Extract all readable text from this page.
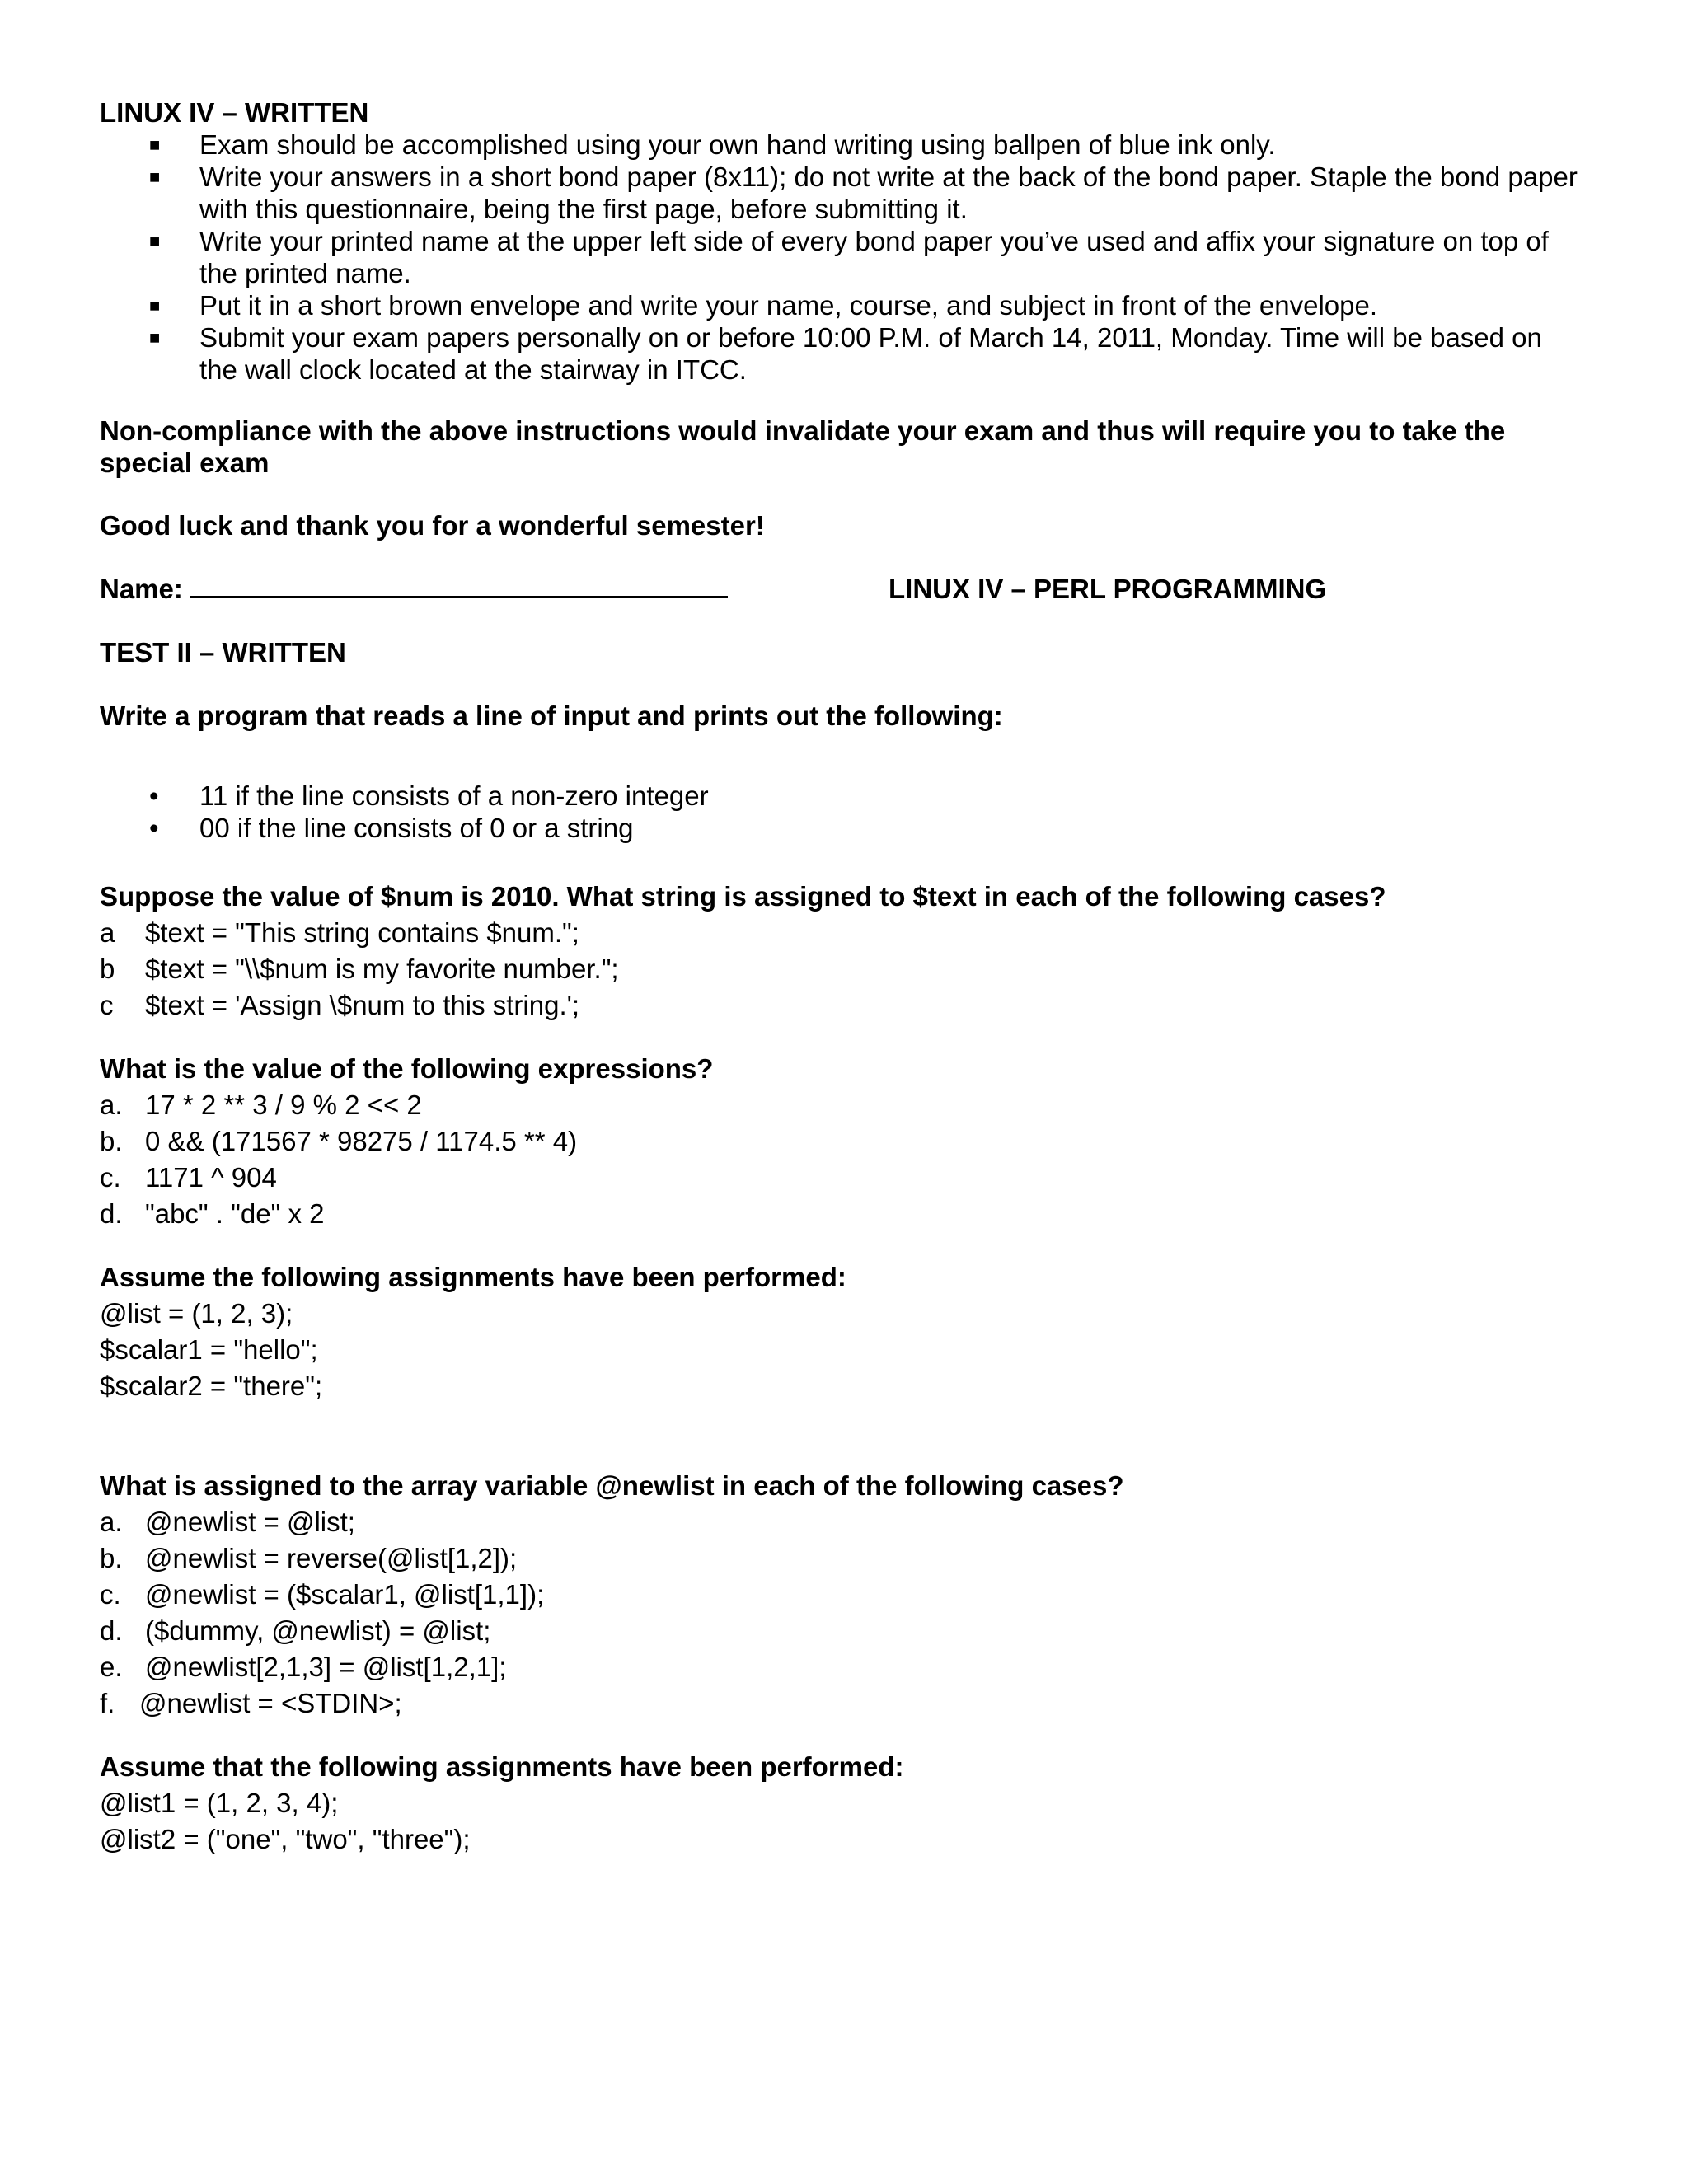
LINUX IV – WRITTEN
■ Exam should be accomplished using your own hand writing using ballpen of blue ink only.
■ Write your answers in a short bond paper (8x11); do not write at the back of the bond paper. Staple the bond paper with this questionnaire, being the first page, before submitting it.
■ Write your printed name at the upper left side of every bond paper you’ve used and affix your signature on top of the printed name.
■ Put it in a short brown envelope and write your name, course, and subject in front of the envelope.
■ Submit your exam papers personally on or before 10:00 P.M. of March 14, 2011, Monday. Time will be based on the wall clock located at the stairway in ITCC.
Non-compliance with the above instructions would invalidate your exam and thus will require you to take the special exam
Good luck and thank you for a wonderful semester!
Name:	LINUX IV – PERL PROGRAMMING
TEST II – WRITTEN
Write a program that reads a line of input and prints out the following:
• 11 if the line consists of a non-zero integer
• 00 if the line consists of 0 or a string
Suppose the value of $num is 2010. What string is assigned to $text in each of the following cases?
a $text = "This string contains $num.";
b $text = "\\$num is my favorite number.";
c $text = 'Assign \$num to this string.';
What is the value of the following expressions?
a. 17 * 2 ** 3 / 9 % 2 << 2
b. 0 && (171567 * 98275 / 1174.5 ** 4)
c. 1171 ^ 904
d. "abc" . "de" x 2
Assume the following assignments have been performed:
@list = (1, 2, 3);
$scalar1 = "hello";
$scalar2 = "there";
What is assigned to the array variable @newlist in each of the following cases?
a. @newlist = @list;
b. @newlist = reverse(@list[1,2]);
c. @newlist = ($scalar1, @list[1,1]);
d. ($dummy, @newlist) = @list;
e. @newlist[2,1,3] = @list[1,2,1];
f. @newlist = <STDIN>;
Assume that the following assignments have been performed:
@list1 = (1, 2, 3, 4);
@list2 = ("one", "two", "three");
